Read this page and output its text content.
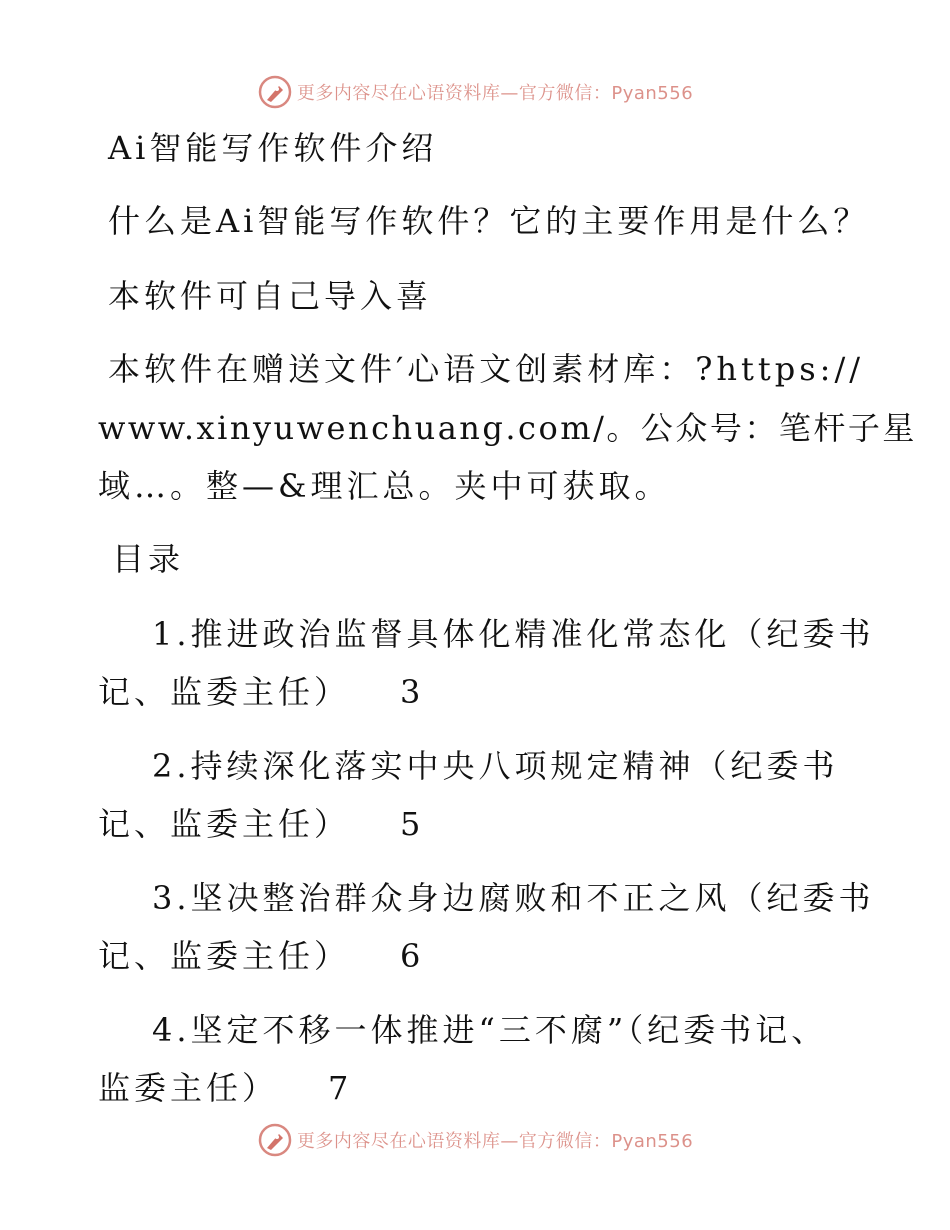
更多内容尽在心语资料库—官方微信：Pyan556
Ai智能写作软件介绍
什么是Ai智能写作软件？它的主要作用是什么？
本软件可自己导入喜
本软件在赠送文件′心语文创素材库：?https://
www.xinyuwenchuang.com/。公众号：笔杆子星
域…。整—&理汇总。夹中可获取。
目录
1.推进政治监督具体化精准化常态化（纪委书
记、监委主任） 3
2.持续深化落实中央八项规定精神（纪委书
记、监委主任） 5
3.坚决整治群众身边腐败和不正之风（纪委书
记、监委主任） 6
4.坚定不移一体推进“三不腐”（纪委书记、
监委主任） 7
更多内容尽在心语资料库—官方微信：Pyan556
